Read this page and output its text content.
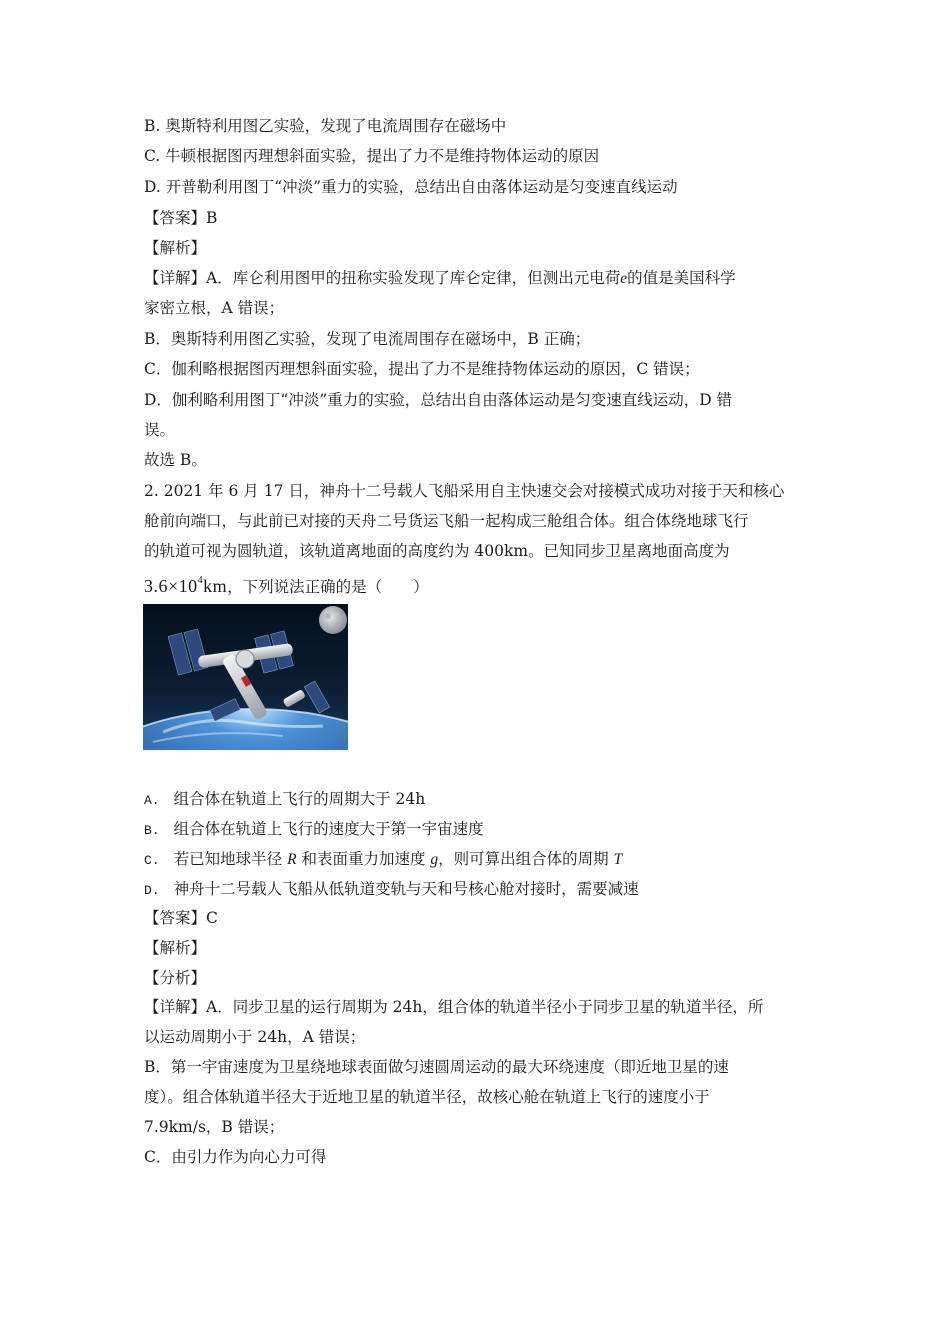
B. 奥斯特利用图乙实验，发现了电流周围存在磁场中
C. 牛顿根据图丙理想斜面实验，提出了力不是维持物体运动的原因
D. 开普勒利用图丁“冲淡”重力的实验，总结出自由落体运动是匀变速直线运动
【答案】B
【解析】
【详解】A．库仑利用图甲的扭称实验发现了库仑定律，但测出元电荷e的值是美国科学
家密立根，A 错误；
B．奥斯特利用图乙实验，发现了电流周围存在磁场中，B 正确；
C．伽利略根据图丙理想斜面实验，提出了力不是维持物体运动的原因，C 错误；
D．伽利略利用图丁“冲淡”重力的实验，总结出自由落体运动是匀变速直线运动，D 错
误。
故选 B。
2. 2021 年 6 月 17 日，神舟十二号载人飞船采用自主快速交会对接模式成功对接于天和核心
舱前向端口，与此前已对接的天舟二号货运飞船一起构成三舱组合体。组合体绕地球飞行
的轨道可视为圆轨道，该轨道离地面的高度约为 400km。已知同步卫星离地面高度为
$3.6\times 10^4km$，下列说法正确的是（　　）
A. 组合体在轨道上飞行的周期大于 24h
B. 组合体在轨道上飞行的速度大于第一宇宙速度
C. 若已知地球半径 R 和表面重力加速度 g，则可算出组合体的周期 T
D. 神舟十二号载人飞船从低轨道变轨与天和号核心舱对接时，需要减速
【答案】C
【解析】
【分析】
【详解】A．同步卫星的运行周期为 24h，组合体的轨道半径小于同步卫星的轨道半径，所
以运动周期小于 24h，A 错误；
B．第一宇宙速度为卫星绕地球表面做匀速圆周运动的最大环绕速度（即近地卫星的速
度）。组合体轨道半径大于近地卫星的轨道半径，故核心舱在轨道上飞行的速度小于
7.9km/s，B 错误；
C．由引力作为向心力可得
